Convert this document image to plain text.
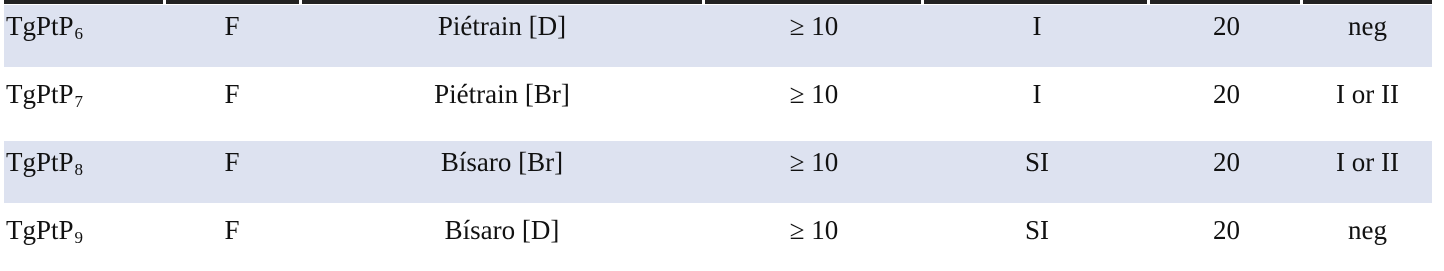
TgPtP$_6$	F	Piétrain [D]	≥ 10	I	20	neg

TgPtP$_7$	F	Piétrain [Br]	≥ 10	I	20	I or II

TgPtP$_8$	F	Bísaro [Br]	≥ 10	SI	20	I or II

TgPtP$_9$	F	Bísaro [D]	≥ 10	SI	20	neg
